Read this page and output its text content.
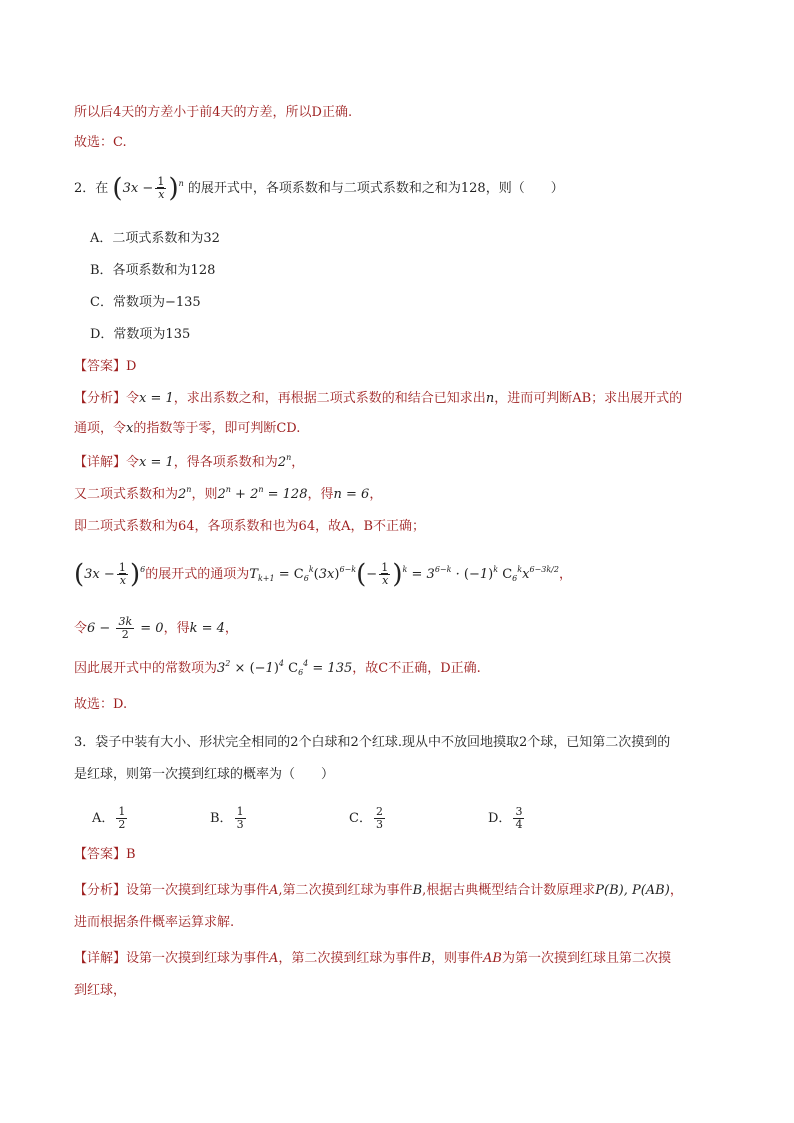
所以后4天的方差小于前4天的方差，所以D正确.
故选：C.
2．在 $(3x - \frac{1}{x} )^n$ 的展开式中，各项系数和与二项式系数和之和为128，则（　　）
A．二项式系数和为32
B．各项系数和为128
C．常数项为−135
D．常数项为135
【答案】D
【分析】令x = 1，求出系数之和，再根据二项式系数的和结合已知求出n，进而可判断AB；求出展开式的
通项，令x的指数等于零，即可判断CD.
【详解】令x = 1，得各项系数和为2$^n$，
又二项式系数和为2$^n$，则$2^n + 2^n = 128$，得n = 6，
即二项式系数和为64，各项系数和也为64，故A，B不正确；
$(3x - \frac{1}{x} )^6$的展开式的通项为$T_{k+1} = C_6^k(3x)^{6-k}(- \frac{1}{x} )^k = 3^{6-k} \cdot (-1)^k$ $C_6^kx^{6-3k/2}$，
令$6 - \frac{3k}{2} = 0$，得k = 4，
因此展开式中的常数项为$3^2 \times (-1)^4$ $C_6^4 = 135$，故C不正确，D正确.
故选：D.
3．袋子中装有大小、形状完全相同的2个白球和2个红球.现从中不放回地摸取2个球，已知第二次摸到的
是红球，则第一次摸到红球的概率为（　　）
A． $\frac{1}{2}$	B． $\frac{1}{3}$	C． $\frac{2}{3}$	D． $\frac{3}{4}$
【答案】B
【分析】设第一次摸到红球为事件A,第二次摸到红球为事件B,根据古典概型结合计数原理求P(B), P(AB)，
进而根据条件概率运算求解.
【详解】设第一次摸到红球为事件A，第二次摸到红球为事件B，则事件AB为第一次摸到红球且第二次摸
到红球，
